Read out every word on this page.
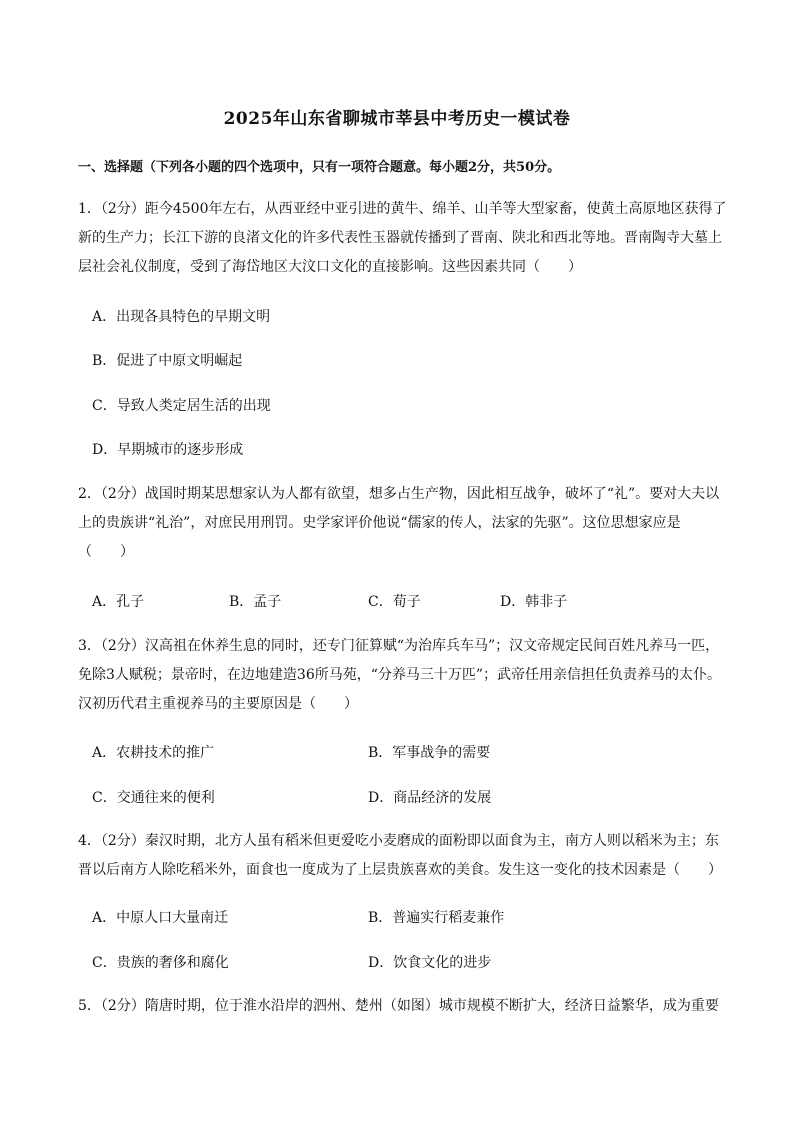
2025年山东省聊城市莘县中考历史一模试卷
一、选择题（下列各小题的四个选项中，只有一项符合题意。每小题2分，共50分。
1．（2分）距今4500年左右，从西亚经中亚引进的黄牛、绵羊、山羊等大型家畜，使黄土高原地区获得了新的生产力；长江下游的良渚文化的许多代表性玉器就传播到了晋南、陕北和西北等地。晋南陶寺大墓上层社会礼仪制度，受到了海岱地区大汶口文化的直接影响。这些因素共同（　　）
A．出现各具特色的早期文明
B．促进了中原文明崛起
C．导致人类定居生活的出现
D．早期城市的逐步形成
2．（2分）战国时期某思想家认为人都有欲望，想多占生产物，因此相互战争，破坏了“礼”。要对大夫以上的贵族讲“礼治”，对庶民用刑罚。史学家评价他说“儒家的传人，法家的先驱”。这位思想家应是（　　）
A．孔子	B．孟子	C．荀子	D．韩非子
3．（2分）汉高祖在休养生息的同时，还专门征算赋“为治库兵车马”；汉文帝规定民间百姓凡养马一匹，免除3人赋税；景帝时，在边地建造36所马苑，“分养马三十万匹”；武帝任用亲信担任负责养马的太仆。汉初历代君主重视养马的主要原因是（　　）
A．农耕技术的推广	B．军事战争的需要
C．交通往来的便利	D．商品经济的发展
4．（2分）秦汉时期，北方人虽有稻米但更爱吃小麦磨成的面粉即以面食为主，南方人则以稻米为主；东晋以后南方人除吃稻米外，面食也一度成为了上层贵族喜欢的美食。发生这一变化的技术因素是（　　）
A．中原人口大量南迁	B．普遍实行稻麦兼作
C．贵族的奢侈和腐化	D．饮食文化的进步
5．（2分）隋唐时期，位于淮水沿岸的泗州、楚州（如图）城市规模不断扩大，经济日益繁华，成为重要
